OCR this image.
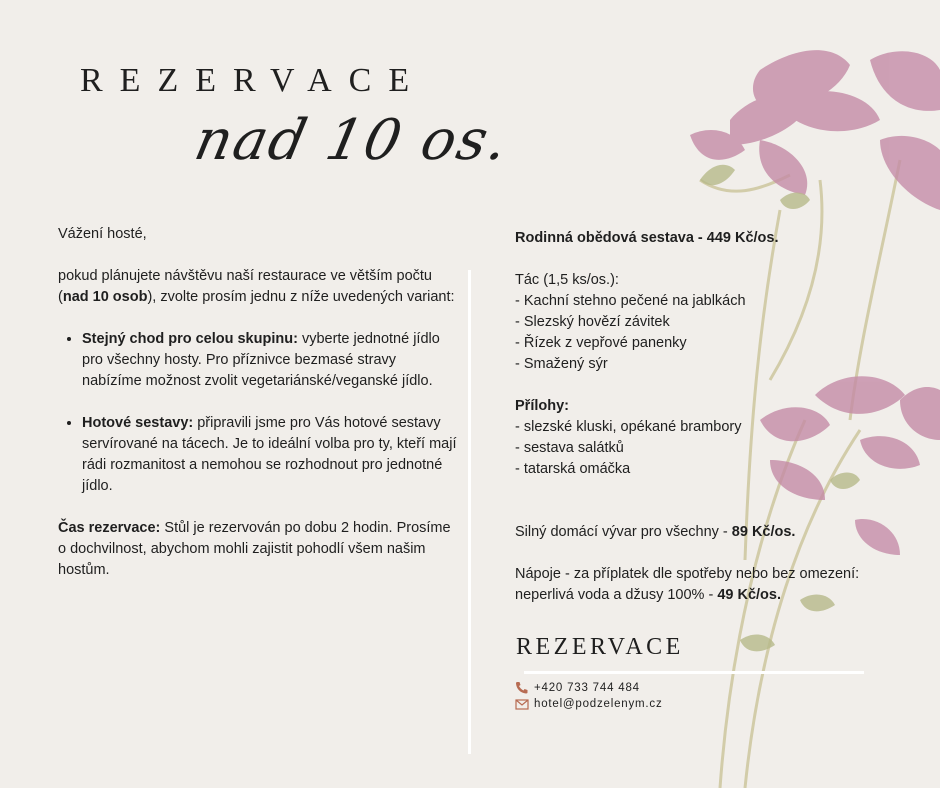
REZERVACE
nad 10 os.

Vážení hosté,

pokud plánujete návštěvu naší restaurace ve větším počtu (nad 10 osob), zvolte prosím jednu z níže uvedených variant:

• Stejný chod pro celou skupinu: vyberte jednotné jídlo pro všechny hosty. Pro příznivce bezmasé stravy nabízíme možnost zvolit vegetariánské/veganské jídlo.
• Hotové sestavy: připravili jsme pro Vás hotové sestavy servírované na tácech. Je to ideální volba pro ty, kteří mají rádi rozmanitost a nemohou se rozhodnout pro jednotné jídlo.

Čas rezervace: Stůl je rezervován po dobu 2 hodin. Prosíme o dochvilnost, abychom mohli zajistit pohodlí všem našim hostům.

Rodinná obědová sestava - 449 Kč/os.

Tác (1,5 ks/os.):

- Kachní stehno pečené na jablkách

- Slezský hovězí závitek

- Řízek z vepřové panenky

- Smažený sýr

Přílohy:

- slezské kluski, opékané brambory

- sestava salátků

- tatarská omáčka

Silný domácí vývar pro všechny - 89 Kč/os.

Nápoje - za příplatek dle spotřeby nebo bez omezení:

neperlivá voda a džusy 100% - 49 Kč/os.

REZERVACE
+420 733 744 484
hotel@podzelenym.cz
